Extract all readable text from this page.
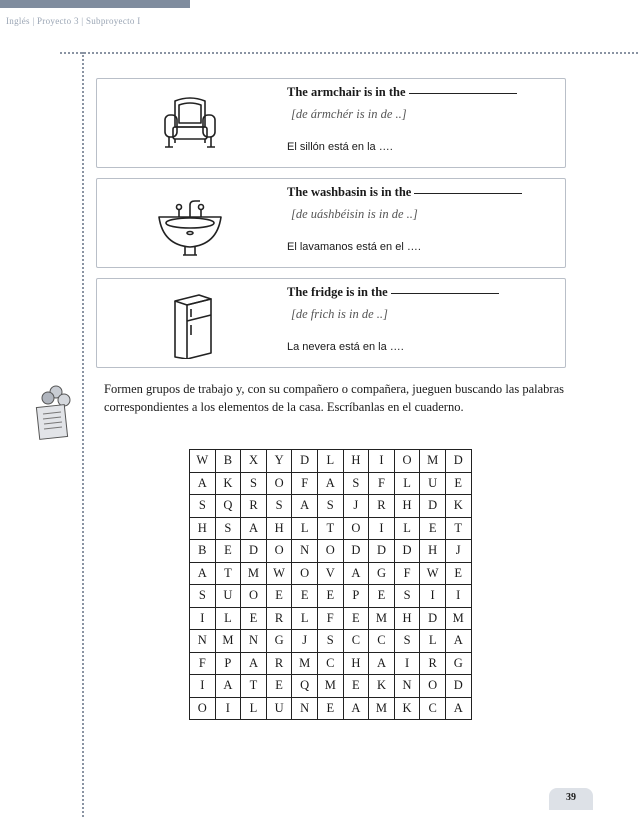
Inglés | Proyecto 3 | Subproyecto I
The armchair is in the
[de ármchér is in de ..]
El sillón está en la ….
The washbasin is in the
[de uáshbéisin is in de ..]
El lavamanos está en el ….
The fridge is in the
[de frich is in de ..]
La nevera está en la ….
Formen grupos de trabajo y, con su compañero o compañera, jueguen buscando las palabras correspondientes a los elementos de la casa. Escríbanlas en el cuaderno.
W	B	X	Y	D	L	H	I	O	M	D
A	K	S	O	F	A	S	F	L	U	E
S	Q	R	S	A	S	J	R	H	D	K
H	S	A	H	L	T	O	I	L	E	T
B	E	D	O	N	O	D	D	D	H	J
A	T	M	W	O	V	A	G	F	W	E
S	U	O	E	E	E	P	E	S	I	I
I	L	E	R	L	F	E	M	H	D	M
N	M	N	G	J	S	C	C	S	L	A
F	P	A	R	M	C	H	A	I	R	G
I	A	T	E	Q	M	E	K	N	O	D
O	I	L	U	N	E	A	M	K	C	A
39
